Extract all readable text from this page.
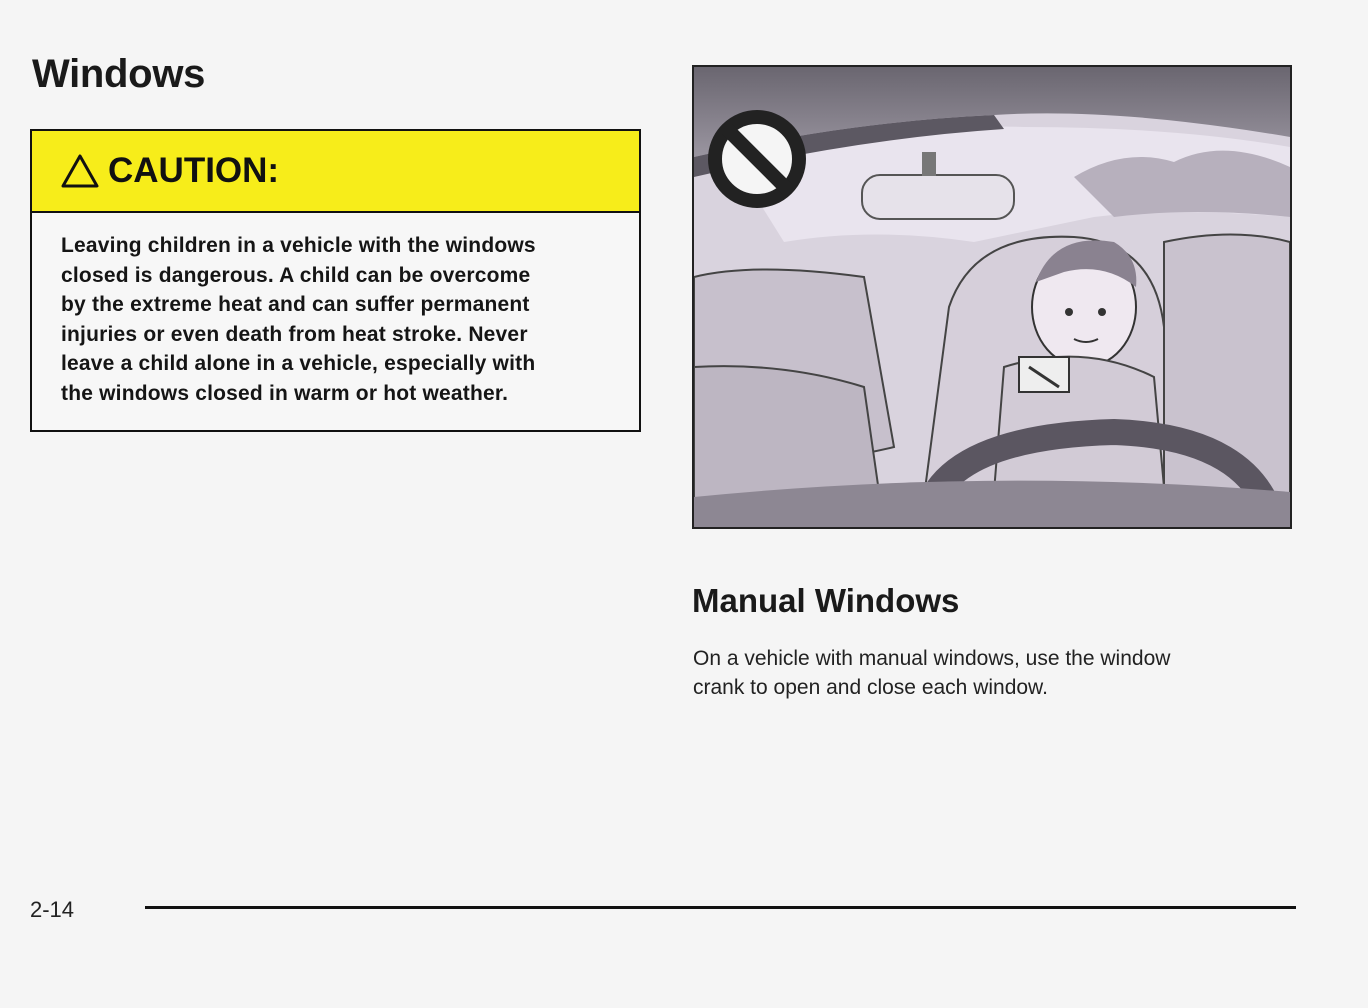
Windows
CAUTION:

Leaving children in a vehicle with the windows
closed is dangerous. A child can be overcome
by the extreme heat and can suffer permanent
injuries or even death from heat stroke. Never
leave a child alone in a vehicle, especially with
the windows closed in warm or hot weather.

Manual Windows

On a vehicle with manual windows, use the window
crank to open and close each window.

2-14
